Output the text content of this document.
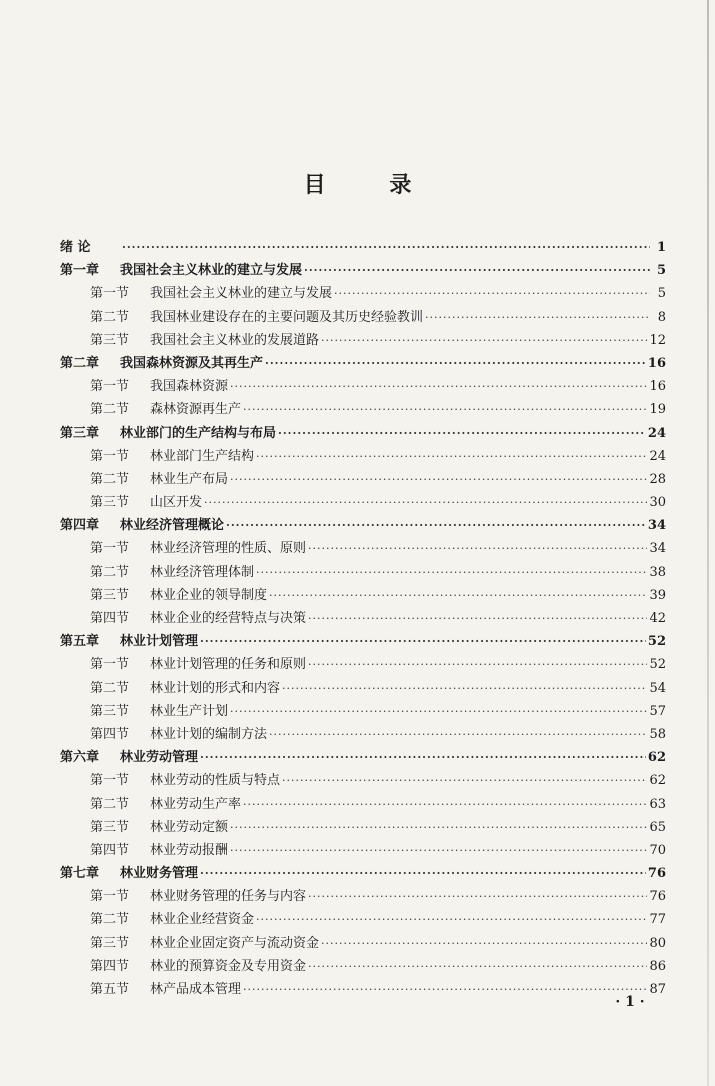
目 录
绪 论 ·····	1
第一章	我国社会主义林业的建立与发展 ·····	5
第一节	我国社会主义林业的建立与发展 ·····	5
第二节	我国林业建设存在的主要问题及其历史经验教训 ·····	8
第三节	我国社会主义林业的发展道路 ·····	12
第二章	我国森林资源及其再生产 ·····	16
第一节	我国森林资源 ·····	16
第二节	森林资源再生产 ·····	19
第三章	林业部门的生产结构与布局 ·····	24
第一节	林业部门生产结构 ·····	24
第二节	林业生产布局 ·····	28
第三节	山区开发 ·····	30
第四章	林业经济管理概论 ·····	34
第一节	林业经济管理的性质、原则 ·····	34
第二节	林业经济管理体制 ·····	38
第三节	林业企业的领导制度 ·····	39
第四节	林业企业的经营特点与决策 ·····	42
第五章	林业计划管理 ·····	52
第一节	林业计划管理的任务和原则 ·····	52
第二节	林业计划的形式和内容 ·····	54
第三节	林业生产计划 ·····	57
第四节	林业计划的编制方法 ·····	58
第六章	林业劳动管理 ·····	62
第一节	林业劳动的性质与特点 ·····	62
第二节	林业劳动生产率 ·····	63
第三节	林业劳动定额 ·····	65
第四节	林业劳动报酬 ·····	70
第七章	林业财务管理 ·····	76
第一节	林业财务管理的任务与内容 ·····	76
第二节	林业企业经营资金 ·····	77
第三节	林业企业固定资产与流动资金 ·····	80
第四节	林业的预算资金及专用资金 ·····	86
第五节	林产品成本管理 ·····	87
· 1 ·
